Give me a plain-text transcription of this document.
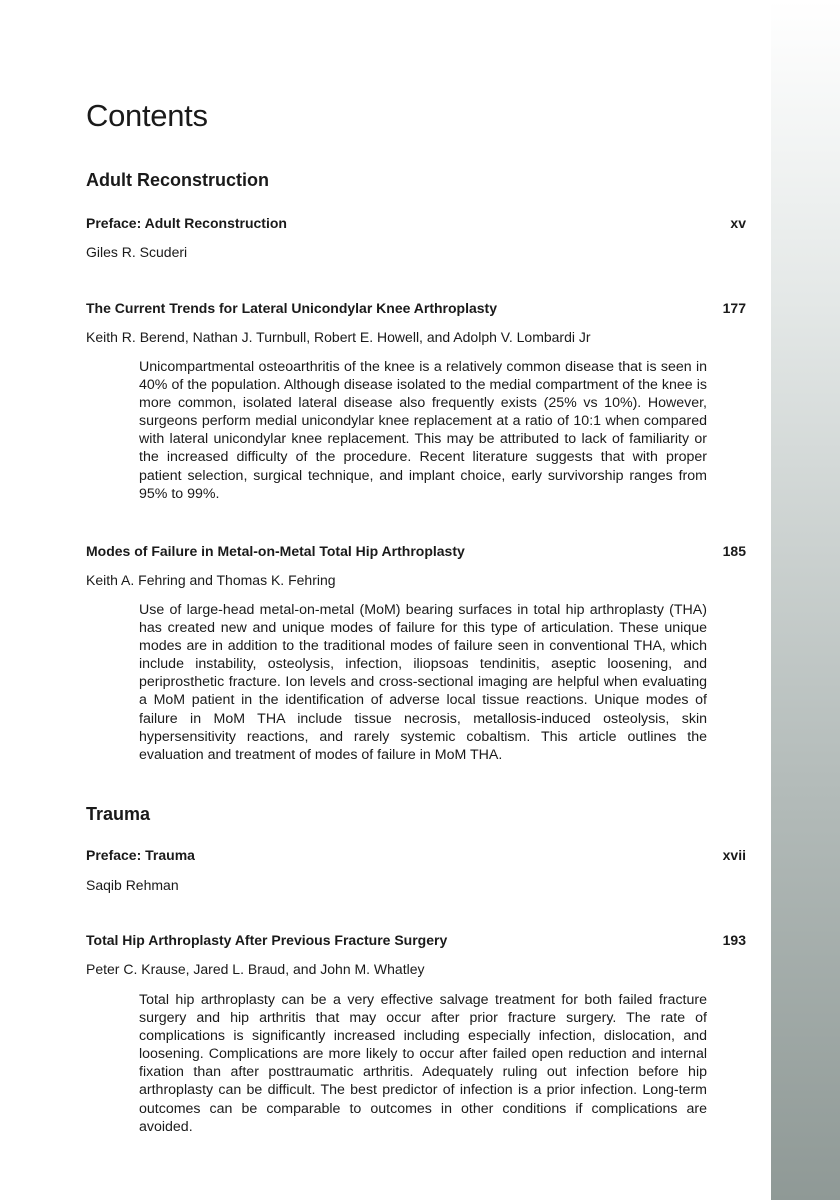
Contents
Adult Reconstruction
Preface: Adult Reconstruction	xv

Giles R. Scuderi

The Current Trends for Lateral Unicondylar Knee Arthroplasty	177

Keith R. Berend, Nathan J. Turnbull, Robert E. Howell, and Adolph V. Lombardi Jr

Unicompartmental osteoarthritis of the knee is a relatively common disease that is seen in 40% of the population. Although disease isolated to the medial compartment of the knee is more common, isolated lateral disease also frequently exists (25% vs 10%). However, surgeons perform medial unicondylar knee replacement at a ratio of 10:1 when compared with lateral unicondylar knee replacement. This may be attributed to lack of familiarity or the increased difficulty of the procedure. Recent literature suggests that with proper patient selection, surgical technique, and implant choice, early survivorship ranges from 95% to 99%.

Modes of Failure in Metal-on-Metal Total Hip Arthroplasty	185

Keith A. Fehring and Thomas K. Fehring

Use of large-head metal-on-metal (MoM) bearing surfaces in total hip arthroplasty (THA) has created new and unique modes of failure for this type of articulation. These unique modes are in addition to the traditional modes of failure seen in conventional THA, which include instability, osteolysis, infection, iliopsoas tendinitis, aseptic loosening, and periprosthetic fracture. Ion levels and cross-sectional imaging are helpful when evaluating a MoM patient in the identification of adverse local tissue reactions. Unique modes of failure in MoM THA include tissue necrosis, metallosis-induced osteolysis, skin hypersensitivity reactions, and rarely systemic cobaltism. This article outlines the evaluation and treatment of modes of failure in MoM THA.

Trauma
Preface: Trauma	xvii

Saqib Rehman

Total Hip Arthroplasty After Previous Fracture Surgery	193

Peter C. Krause, Jared L. Braud, and John M. Whatley

Total hip arthroplasty can be a very effective salvage treatment for both failed fracture surgery and hip arthritis that may occur after prior fracture surgery. The rate of complications is significantly increased including especially infection, dislocation, and loosening. Complications are more likely to occur after failed open reduction and internal fixation than after posttraumatic arthritis. Adequately ruling out infection before hip arthroplasty can be difficult. The best predictor of infection is a prior infection. Long-term outcomes can be comparable to outcomes in other conditions if complications are avoided.
